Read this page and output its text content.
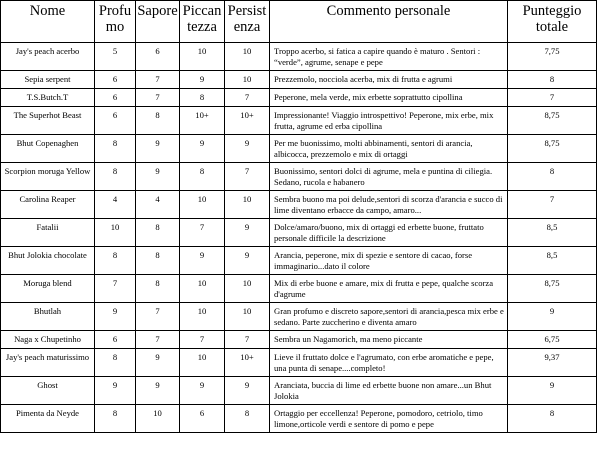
Nome	Profu mo	Sapore	Piccan tezza	Persist enza	Commento personale	Punteggio totale
Jay's peach acerbo	5	6	10	10	Troppo acerbo, si fatica a capire quando è maturo . Sentori : “verde”, agrume, senape e pepe	7,75
Sepia serpent	6	7	9	10	Prezzemolo, nocciola acerba, mix di frutta e agrumi	8
T.S.Butch.T	6	7	8	7	Peperone, mela verde, mix erbette soprattutto cipollina	7
The Superhot Beast	6	8	10+	10+	Impressionante! Viaggio introspettivo! Peperone, mix erbe, mix frutta, agrume ed erba cipollina	8,75
Bhut Copenaghen	8	9	9	9	Per me buonissimo, molti abbinamenti, sentori di arancia, albicocca, prezzemolo e mix di ortaggi	8,75
Scorpion moruga Yellow	8	9	8	7	Buonissimo, sentori dolci di agrume, mela e puntina di ciliegia. Sedano, rucola e habanero	8
Carolina Reaper	4	4	10	10	Sembra buono ma poi delude,sentori di scorza d'arancia e succo di lime diventano erbacce da campo, amaro...	7
Fatalii	10	8	7	9	Dolce/amaro/buono, mix di ortaggi ed erbette buone, fruttato personale difficile la descrizione	8,5
Bhut Jolokia chocolate	8	8	9	9	Arancia, peperone, mix di spezie e sentore di cacao, forse immaginario...dato il colore	8,5
Moruga blend	7	8	10	10	Mix di erbe buone e amare, mix di frutta e pepe, qualche scorza d'agrume	8,75
Bhutlah	9	7	10	10	Gran profumo e discreto sapore,sentori di arancia,pesca mix erbe e sedano. Parte zuccherino e diventa amaro	9
Naga x Chupetinho	6	7	7	7	Sembra un Nagamorich, ma meno piccante	6,75
Jay's peach maturissimo	8	9	10	10+	Lieve il fruttato dolce e l'agrumato, con erbe aromatiche e pepe, una punta di senape....completo!	9,37
Ghost	9	9	9	9	Aranciata, buccia di lime ed erbette buone non amare...un Bhut Jolokia	9
Pimenta da Neyde	8	10	6	8	Ortaggio per eccellenza! Peperone, pomodoro, cetriolo, timo limone,orticole verdi e sentore di pomo e pepe	8
